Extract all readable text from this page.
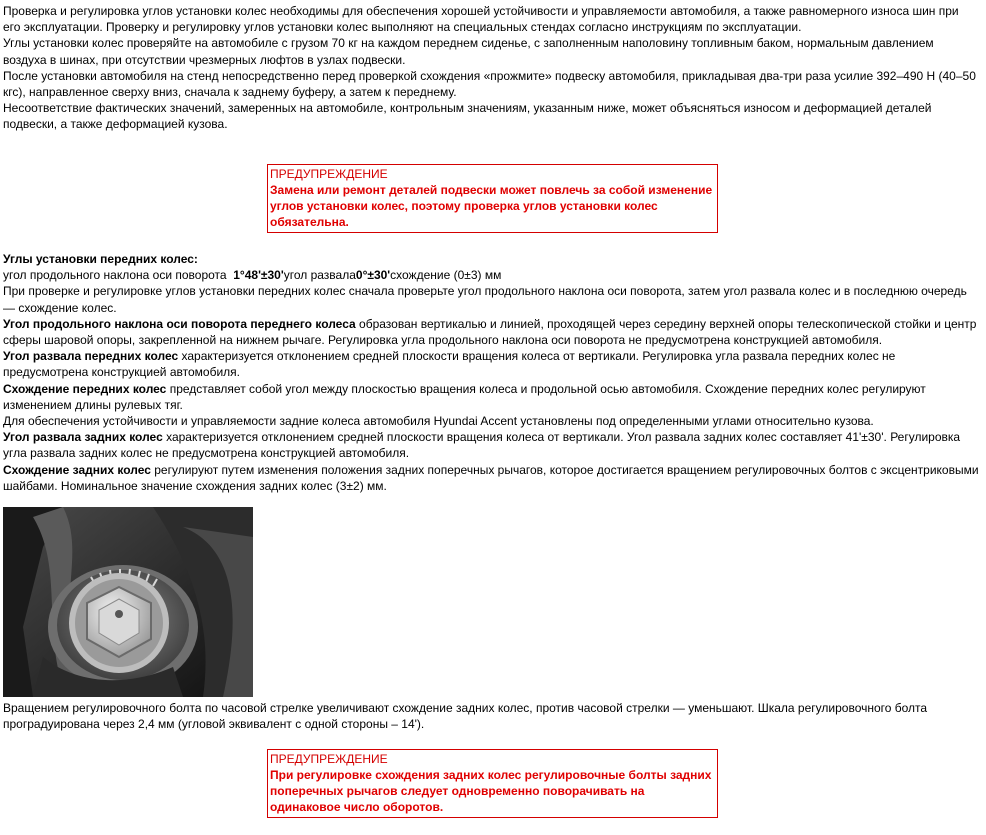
Проверка и регулировка углов установки колес необходимы для обеспечения хорошей устойчивости и управляемости автомобиля, а также равномерного износа шин при его эксплуатации. Проверку и регулировку углов установки колес выполняют на специальных стендах согласно инструкциям по эксплуатации.

Углы установки колес проверяйте на автомобиле с грузом 70 кг на каждом переднем сиденье, с заполненным наполовину топливным баком, нормальным давлением воздуха в шинах, при отсутствии чрезмерных люфтов в узлах подвески.

После установки автомобиля на стенд непосредственно перед проверкой схождения «прожмите» подвеску автомобиля, прикладывая два-три раза усилие 392–490 Н (40–50 кгс), направленное сверху вниз, сначала к заднему буферу, а затем к переднему.

Несоответствие фактических значений, замеренных на автомобиле, контрольным значениям, указанным ниже, может объясняться износом и деформацией деталей подвески, а также деформацией кузова.

ПРЕДУПРЕЖДЕНИЕ
Замена или ремонт деталей подвески может повлечь за собой изменение углов установки колес, поэтому проверка углов установки колес обязательна.

Углы установки передних колес:

угол продольного наклона оси поворота 1°48'±30'угол развала0°±30'схождение (0±3) мм

При проверке и регулировке углов установки передних колес сначала проверьте угол продольного наклона оси поворота, затем угол развала колес и в последнюю очередь — схождение колес.

Угол продольного наклона оси поворота переднего колеса образован вертикалью и линией, проходящей через середину верхней опоры телескопической стойки и центр сферы шаровой опоры, закрепленной на нижнем рычаге. Регулировка угла продольного наклона оси поворота не предусмотрена конструкцией автомобиля.

Угол развала передних колес характеризуется отклонением средней плоскости вращения колеса от вертикали. Регулировка угла развала передних колес не предусмотрена конструкцией автомобиля.

Схождение передних колес представляет собой угол между плоскостью вращения колеса и продольной осью автомобиля. Схождение передних колес регулируют изменением длины рулевых тяг.

Для обеспечения устойчивости и управляемости задние колеса автомобиля Hyundai Accent установлены под определенными углами относительно кузова.

Угол развала задних колес характеризуется отклонением средней плоскости вращения колеса от вертикали. Угол развала задних колес составляет 41'±30'. Регулировка угла развала задних колес не предусмотрена конструкцией автомобиля.

Схождение задних колес регулируют путем изменения положения задних поперечных рычагов, которое достигается вращением регулировочных болтов с эксцентриковыми шайбами. Номинальное значение схождения задних колес (3±2) мм.

Вращением регулировочного болта по часовой стрелке увеличивают схождение задних колес, против часовой стрелки — уменьшают. Шкала регулировочного болта проградуирована через 2,4 мм (угловой эквивалент с одной стороны – 14').

ПРЕДУПРЕЖДЕНИЕ
При регулировке схождения задних колес регулировочные болты задних поперечных рычагов следует одновременно поворачивать на одинаковое число оборотов.
